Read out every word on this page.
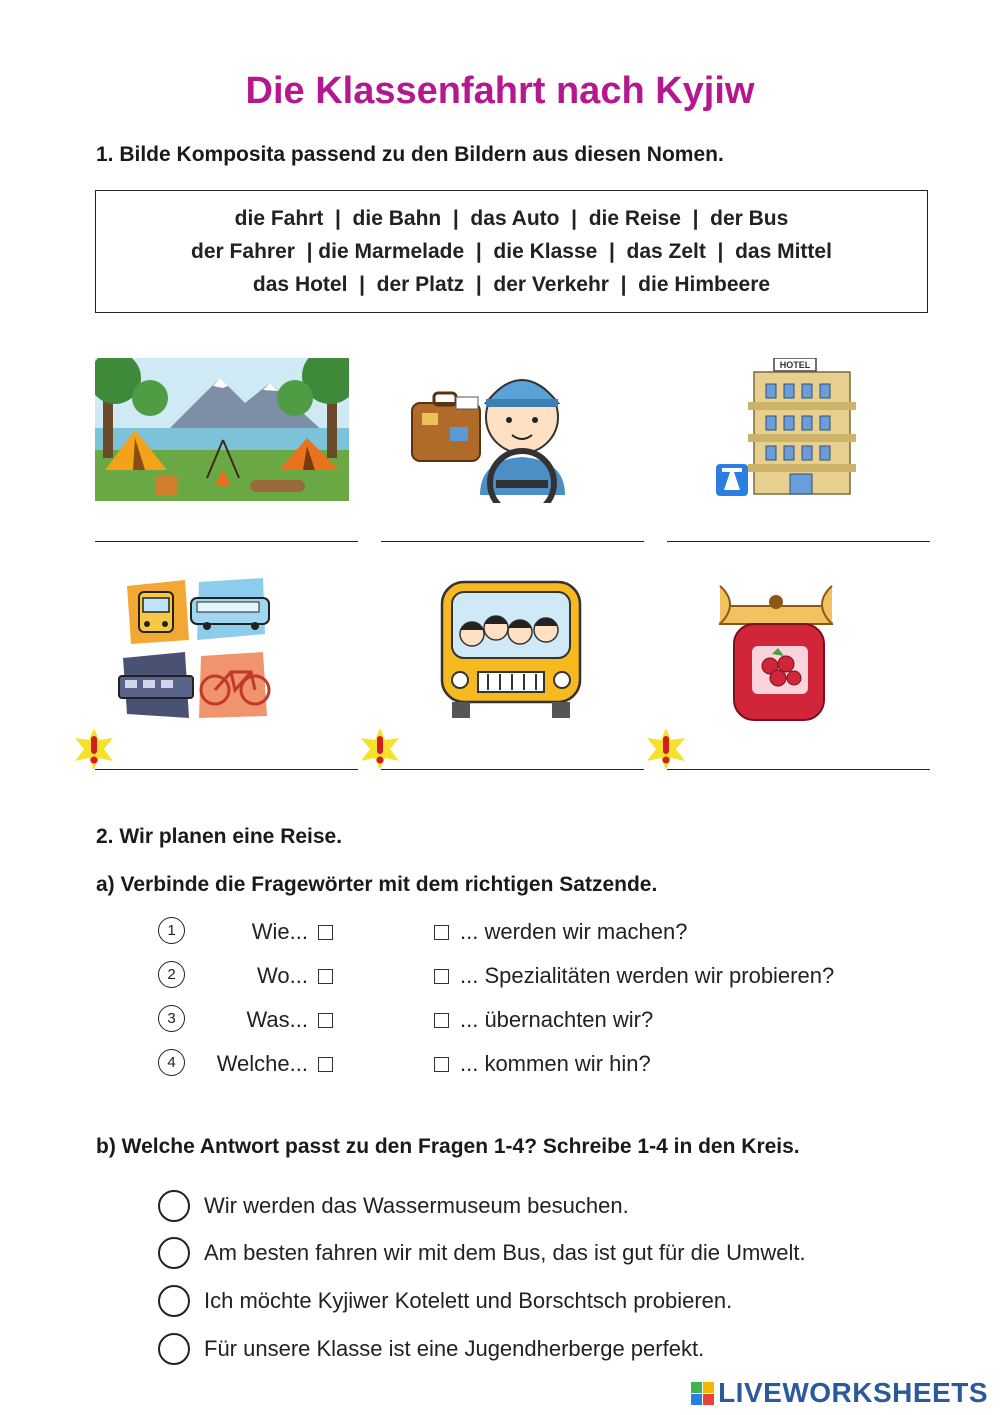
Die Klassenfahrt nach Kyjiw
1. Bilde Komposita passend zu den Bildern aus diesen Nomen.
die Fahrt  |  die Bahn  |  das Auto  |  die Reise  |  der Bus
der Fahrer  | die Marmelade  |  die Klasse  |  das Zelt  |  das Mittel
das Hotel  |  der Platz  |  der Verkehr  |  die Himbeere
HOTEL
2. Wir planen eine Reise.
a) Verbinde die Fragewörter mit dem richtigen Satzende.
1	Wie...	... werden wir machen?
2	Wo...	... Spezialitäten werden wir probieren?
3	Was...	... übernachten wir?
4	Welche...	... kommen wir hin?
b) Welche Antwort passt zu den Fragen 1-4? Schreibe 1-4 in den Kreis.
Wir werden das Wassermuseum besuchen.
Am besten fahren wir mit dem Bus, das ist gut für die Umwelt.
Ich möchte Kyjiwer Kotelett und Borschtsch probieren.
Für unsere Klasse ist eine Jugendherberge perfekt.
LIVEWORKSHEETS
